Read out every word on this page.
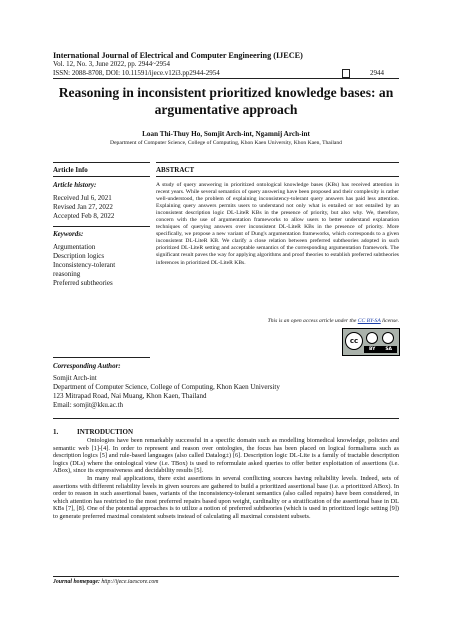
International Journal of Electrical and Computer Engineering (IJECE)
Vol. 12, No. 3, June 2022, pp. 2944~2954
ISSN: 2088-8708, DOI: 10.11591/ijece.v12i3.pp2944-2954	2944
Reasoning in inconsistent prioritized knowledge bases: an
argumentative approach
Loan Thi-Thuy Ho, Somjit Arch-int, Ngamnij Arch-int
Department of Computer Science, College of Computing, Khon Kaen University, Khon Kaen, Thailand
Article Info	ABSTRACT
Article history:
Received Jul 6, 2021
Revised Jan 27, 2022
Accepted Feb 8, 2022
Keywords:
Argumentation
Description logics
Inconsistency-tolerant
reasoning
Preferred subtheories
A study of query answering in prioritized ontological knowledge bases (KBs) has received attention in recent years. While several semantics of query answering have been proposed and their complexity is rather well-understood, the problem of explaining inconsistency-tolerant query answers has paid less attention. Explaining query answers permits users to understand not only what is entailed or not entailed by an inconsistent description logic DL-LiteR KBs in the presence of priority, but also why. We, therefore, concern with the use of argumentation frameworks to allow users to better understand explanation techniques of querying answers over inconsistent DL-LiteR KBs in the presence of priority. More specifically, we propose a new variant of Dung's argumentation frameworks, which corresponds to a given inconsistent DL-LiteR KB. We clarify a close relation between preferred subtheories adopted in such prioritized DL-LiteR setting and acceptable semantics of the corresponding argumentation framework. The significant result paves the way for applying algorithms and proof theories to establish preferred subtheories inferences in prioritized DL-LiteR KBs.
This is an open access article under the CC BY-SA license.
cc
BY SA
Corresponding Author:
Somjit Arch-int
Department of Computer Science, College of Computing, Khon Kaen University
123 Mitrapad Road, Nai Muang, Khon Kaen, Thailand
Email: somjit@kku.ac.th
1.	INTRODUCTION

Ontologies have been remarkably successful in a specific domain such as modelling biomedical knowledge, policies and semantic web [1]-[4]. In order to represent and reason over ontologies, the focus has been placed on logical formalisms such as description logics [5] and rule-based languages (also called Datalog±) [6]. Description logic DL-Lite is a family of tractable description logics (DLs) where the ontological view (i.e. TBox) is used to reformulate asked queries to offer better exploitation of assertions (i.e. ABox), since its expressiveness and decidability results [5].

In many real applications, there exist assertions in several conflicting sources having reliability levels. Indeed, sets of assertions with different reliability levels in given sources are gathered to build a prioritized assertional base (i.e. a prioritized ABox). In order to reason in such assertional bases, variants of the inconsistency-tolerant semantics (also called repairs) have been considered, in which attention has restricted to the most preferred repairs based upon weight, cardinality or a stratification of the assertional base in DL KBs [7], [8]. One of the potential approaches is to utilize a notion of preferred subtheories (which is used in prioritized logic setting [9]) to generate preferred maximal consistent subsets instead of calculating all maximal consistent subsets.

Journal homepage: http://ijece.iaescore.com
